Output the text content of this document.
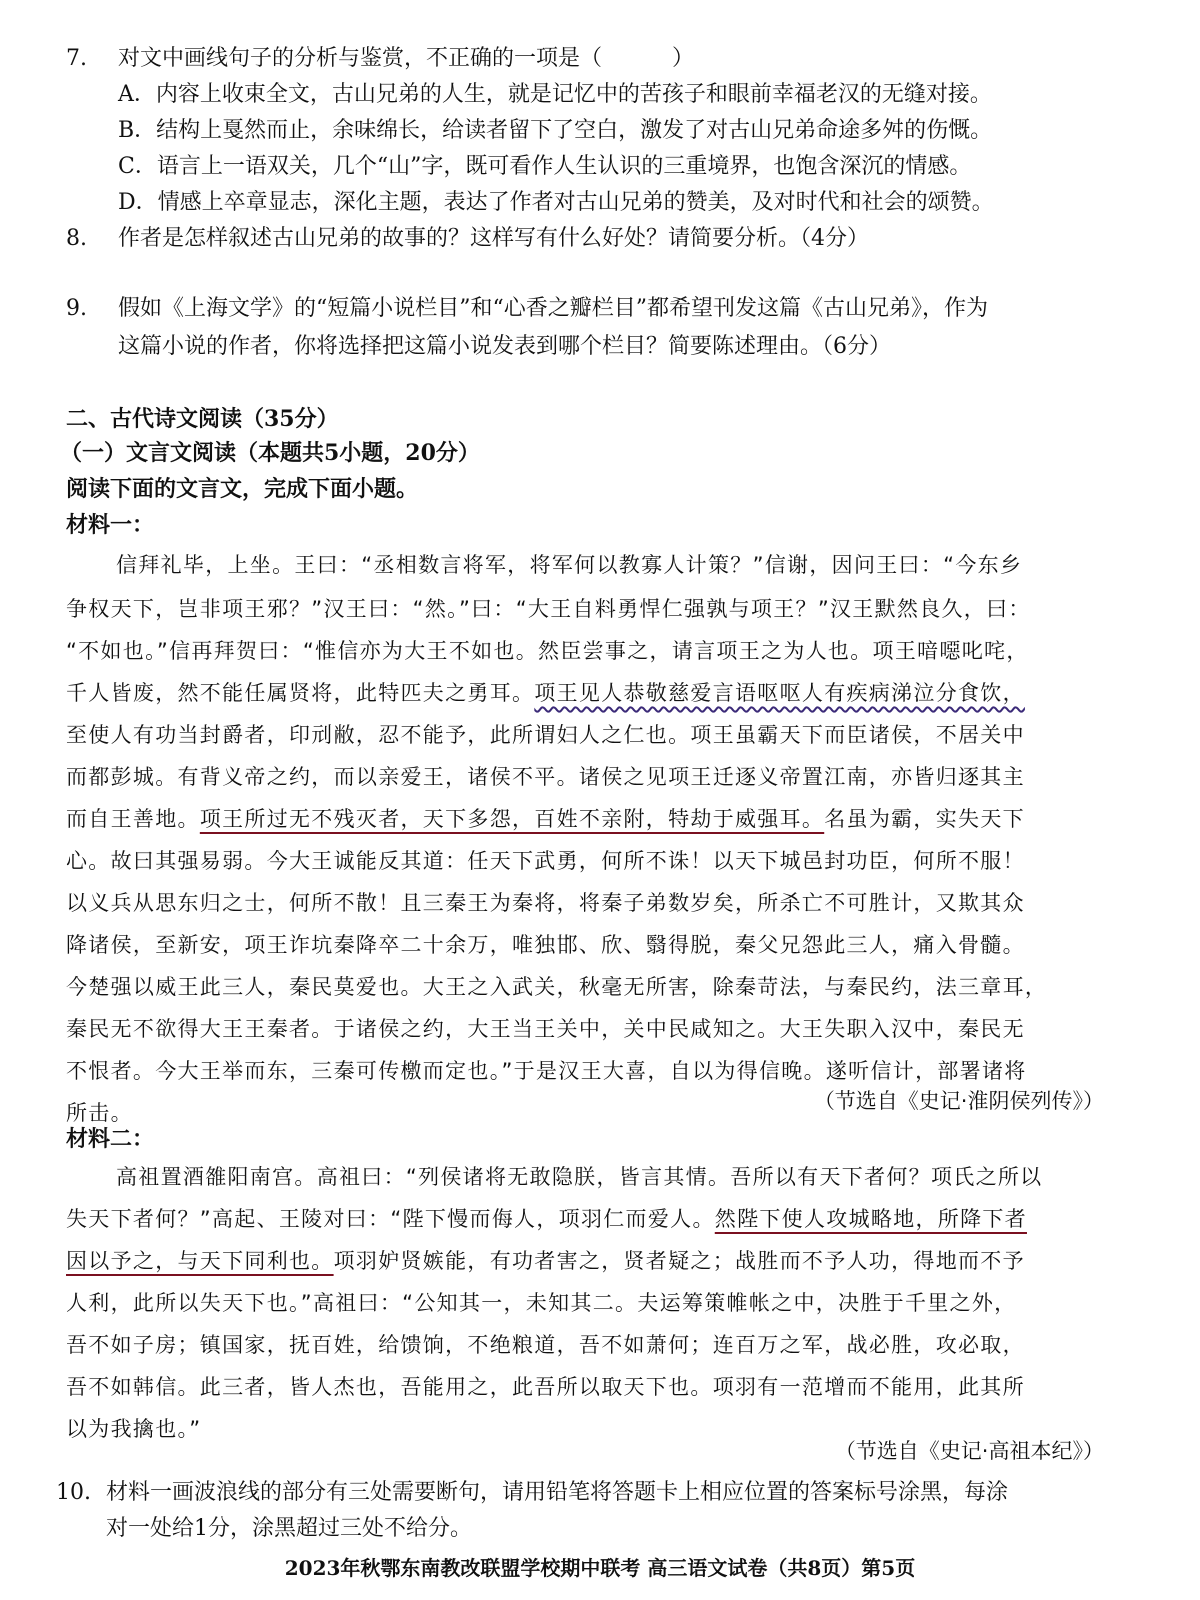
7. 对文中画线句子的分析与鉴赏，不正确的一项是（	）
A．内容上收束全文，古山兄弟的人生，就是记忆中的苦孩子和眼前幸福老汉的无缝对接。
B．结构上戛然而止，余味绵长，给读者留下了空白，激发了对古山兄弟命途多舛的伤慨。
C．语言上一语双关，几个“山”字，既可看作人生认识的三重境界，也饱含深沉的情感。
D．情感上卒章显志，深化主题，表达了作者对古山兄弟的赞美，及对时代和社会的颂赞。
8. 作者是怎样叙述古山兄弟的故事的？这样写有什么好处？请简要分析。（4分）
9. 假如《上海文学》的“短篇小说栏目”和“心香之瓣栏目”都希望刊发这篇《古山兄弟》，作为
这篇小说的作者，你将选择把这篇小说发表到哪个栏目？简要陈述理由。（6分）
二、古代诗文阅读（35分）
（一）文言文阅读（本题共5小题，20分）
阅读下面的文言文，完成下面小题。
材料一：
信拜礼毕，上坐。王曰：“丞相数言将军，将军何以教寡人计策？”信谢，因问王曰：“今东乡
争权天下，岂非项王邪？”汉王曰：“然。”曰：“大王自料勇悍仁强孰与项王？”汉王默然良久，曰：
“不如也。”信再拜贺曰：“惟信亦为大王不如也。然臣尝事之，请言项王之为人也。项王喑噁叱咤，
千人皆废，然不能任属贤将，此特匹夫之勇耳。项王见人恭敬慈爱言语呕呕人有疾病涕泣分食饮，
至使人有功当封爵者，印刓敝，忍不能予，此所谓妇人之仁也。项王虽霸天下而臣诸侯，不居关中
而都彭城。有背义帝之约，而以亲爱王，诸侯不平。诸侯之见项王迁逐义帝置江南，亦皆归逐其主
而自王善地。项王所过无不残灭者，天下多怨，百姓不亲附，特劫于威强耳。名虽为霸，实失天下
心。故曰其强易弱。今大王诚能反其道：任天下武勇，何所不诛！以天下城邑封功臣，何所不服！
以义兵从思东归之士，何所不散！且三秦王为秦将，将秦子弟数岁矣，所杀亡不可胜计，又欺其众
降诸侯，至新安，项王诈坑秦降卒二十余万，唯独邯、欣、翳得脱，秦父兄怨此三人，痛入骨髓。
今楚强以威王此三人，秦民莫爱也。大王之入武关，秋毫无所害，除秦苛法，与秦民约，法三章耳，
秦民无不欲得大王王秦者。于诸侯之约，大王当王关中，关中民咸知之。大王失职入汉中，秦民无
不恨者。今大王举而东，三秦可传檄而定也。”于是汉王大喜，自以为得信晚。遂听信计，部署诸将
所击。	（节选自《史记·淮阴侯列传》）
材料二：
高祖置酒雒阳南宫。高祖曰：“列侯诸将无敢隐朕，皆言其情。吾所以有天下者何？项氏之所以
失天下者何？”高起、王陵对曰：“陛下慢而侮人，项羽仁而爱人。然陛下使人攻城略地，所降下者
因以予之，与天下同利也。项羽妒贤嫉能，有功者害之，贤者疑之；战胜而不予人功，得地而不予
人利，此所以失天下也。”高祖曰：“公知其一，未知其二。夫运筹策帷帐之中，决胜于千里之外，
吾不如子房；镇国家，抚百姓，给馈饷，不绝粮道，吾不如萧何；连百万之军，战必胜，攻必取，
吾不如韩信。此三者，皆人杰也，吾能用之，此吾所以取天下也。项羽有一范增而不能用，此其所
以为我擒也。”
（节选自《史记·高祖本纪》）
10. 材料一画波浪线的部分有三处需要断句，请用铅笔将答题卡上相应位置的答案标号涂黑，每涂
对一处给1分，涂黑超过三处不给分。
2023年秋鄂东南教改联盟学校期中联考 高三语文试卷（共8页）第5页
